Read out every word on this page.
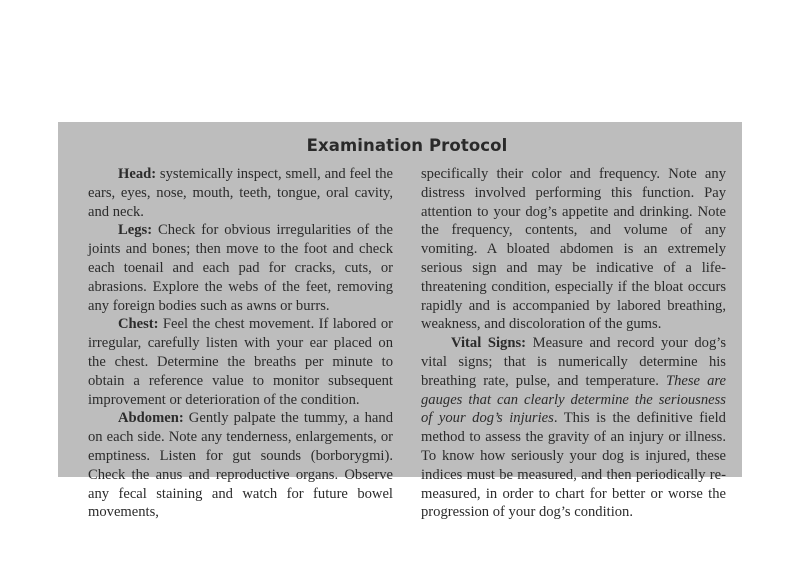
Examination Protocol

Head: systemically inspect, smell, and feel the ears, eyes, nose, mouth, teeth, tongue, oral cavity, and neck.

Legs: Check for obvious irregularities of the joints and bones; then move to the foot and check each toenail and each pad for cracks, cuts, or abrasions. Explore the webs of the feet, removing any foreign bodies such as awns or burrs.

Chest: Feel the chest movement. If labored or irregular, carefully listen with your ear placed on the chest. Determine the breaths per minute to obtain a reference value to monitor subsequent improvement or deterioration of the condition.

Abdomen: Gently palpate the tummy, a hand on each side. Note any tenderness, enlargements, or emptiness. Listen for gut sounds (borborygmi). Check the anus and reproductive organs. Observe any fecal staining and watch for future bowel movements,

specifically their color and frequency. Note any distress involved performing this function. Pay attention to your dog’s appetite and drinking. Note the frequency, contents, and volume of any vomiting. A bloated abdomen is an extremely serious sign and may be indicative of a life-threatening condition, especially if the bloat occurs rapidly and is accompanied by labored breathing, weakness, and discoloration of the gums.

Vital Signs: Measure and record your dog’s vital signs; that is numerically determine his breathing rate, pulse, and temperature. These are gauges that can clearly determine the seriousness of your dog’s injuries. This is the definitive field method to assess the gravity of an injury or illness. To know how seriously your dog is injured, these indices must be measured, and then periodically re-measured, in order to chart for better or worse the progression of your dog’s condition.
